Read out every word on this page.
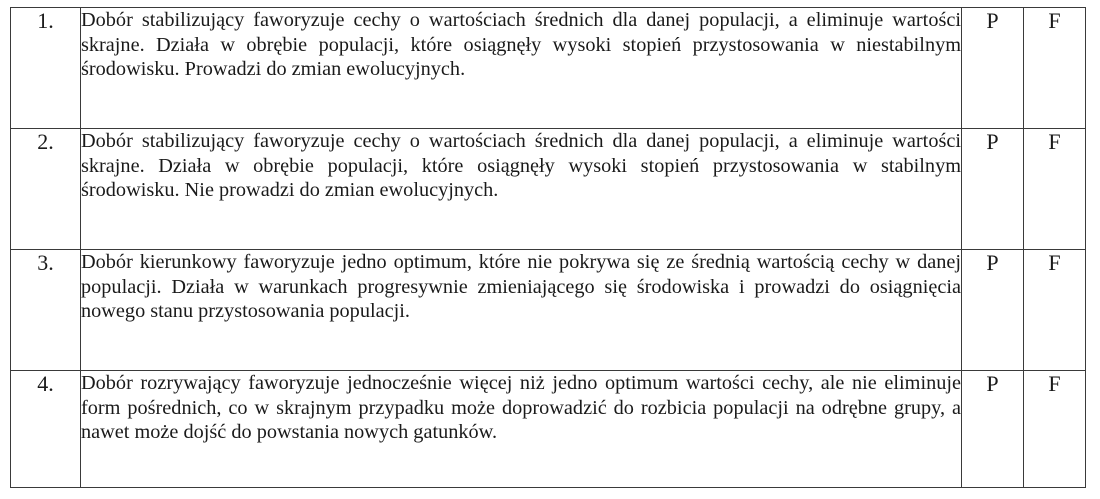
1.	Dobór stabilizujący faworyzuje cechy o wartościach średnich dla danej populacji, a eliminuje wartości skrajne. Działa w obrębie populacji, które osiągnęły wysoki stopień przystosowania w niestabilnym środowisku. Prowadzi do zmian ewolucyjnych.	P	F
2.	Dobór stabilizujący faworyzuje cechy o wartościach średnich dla danej populacji, a eliminuje wartości skrajne. Działa w obrębie populacji, które osiągnęły wysoki stopień przystosowania w stabilnym środowisku. Nie prowadzi do zmian ewolucyjnych.	P	F
3.	Dobór kierunkowy faworyzuje jedno optimum, które nie pokrywa się ze średnią wartością cechy w danej populacji. Działa w warunkach progresywnie zmieniającego się środowiska i prowadzi do osiągnięcia nowego stanu przystosowania populacji.	P	F
4.	Dobór rozrywający faworyzuje jednocześnie więcej niż jedno optimum wartości cechy, ale nie eliminuje form pośrednich, co w skrajnym przypadku może doprowadzić do rozbicia populacji na odrębne grupy, a nawet może dojść do powstania nowych gatunków.	P	F
